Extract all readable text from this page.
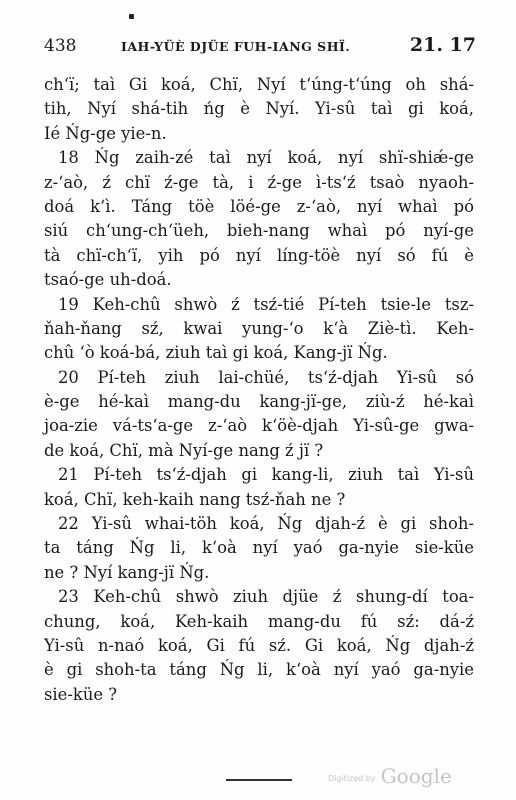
438	IAH-YÜÈ DJÜE FUH-IANG SHÏ.	21. 17
ch‘ï; taì Gi koá, Chï, Nyí t‘úng-t‘úng oh shá-
tih, Nyí shá-tih ńg è Nyí. Yi-sû taì gi koá,
Ié Ńg-ge yie-n.
18 Ńg zaih-zé taì nyí koá, nyí shï-shiǽ-ge
z-‘aò, ź chï ź-ge tà, i ź-ge ì-ts‘ź tsaò nyaoh-
doá k‘ì. Táng töè löé-ge z-‘aò, nyí whaì pó
siú ch‘ung-ch‘üeh, bieh-nang whaì pó nyí-ge
tà chï-ch‘ï, yih pó nyí líng-töè nyí só fú è
tsaó-ge uh-doá.
19 Keh-chû shwò ź tsź-tié Pí-teh tsie-le tsz-
ňah-ňang sź, kwai yung-‘o k‘à Ziè-tì. Keh-
chû ‘ò koá-bá, ziuh taì gi koá, Kang-jï Ńg.
20 Pí-teh ziuh lai-chüé, ts‘ź-djah Yi-sû só
è-ge hé-kaì mang-du kang-jï-ge, ziù-ź hé-kaì
joa-zie vá-ts‘a-ge z-‘aò k‘öè-djah Yi-sû-ge gwa-
de koá, Chï, mà Nyí-ge nang ź jï ?
21 Pí-teh ts‘ź-djah gi kang-li, ziuh taì Yi-sû
koá, Chï, keh-kaih nang tsź-ňah ne ?
22 Yi-sû whai-töh koá, Ńg djah-ź è gi shoh-
ta táng Ńg li, k‘oà nyí yaó ga-nyie sie-küe
ne ? Nyí kang-jï Ńg.
23 Keh-chû shwò ziuh djüe ź shung-dí toa-
chung, koá, Keh-kaih mang-du fú sź: dá-ź
Yi-sû n-naó koá, Gi fú sź. Gi koá, Ńg djah-ź
è gi shoh-ta táng Ńg li, k‘oà nyí yaó ga-nyie
sie-küe ?
Digitized by Google
